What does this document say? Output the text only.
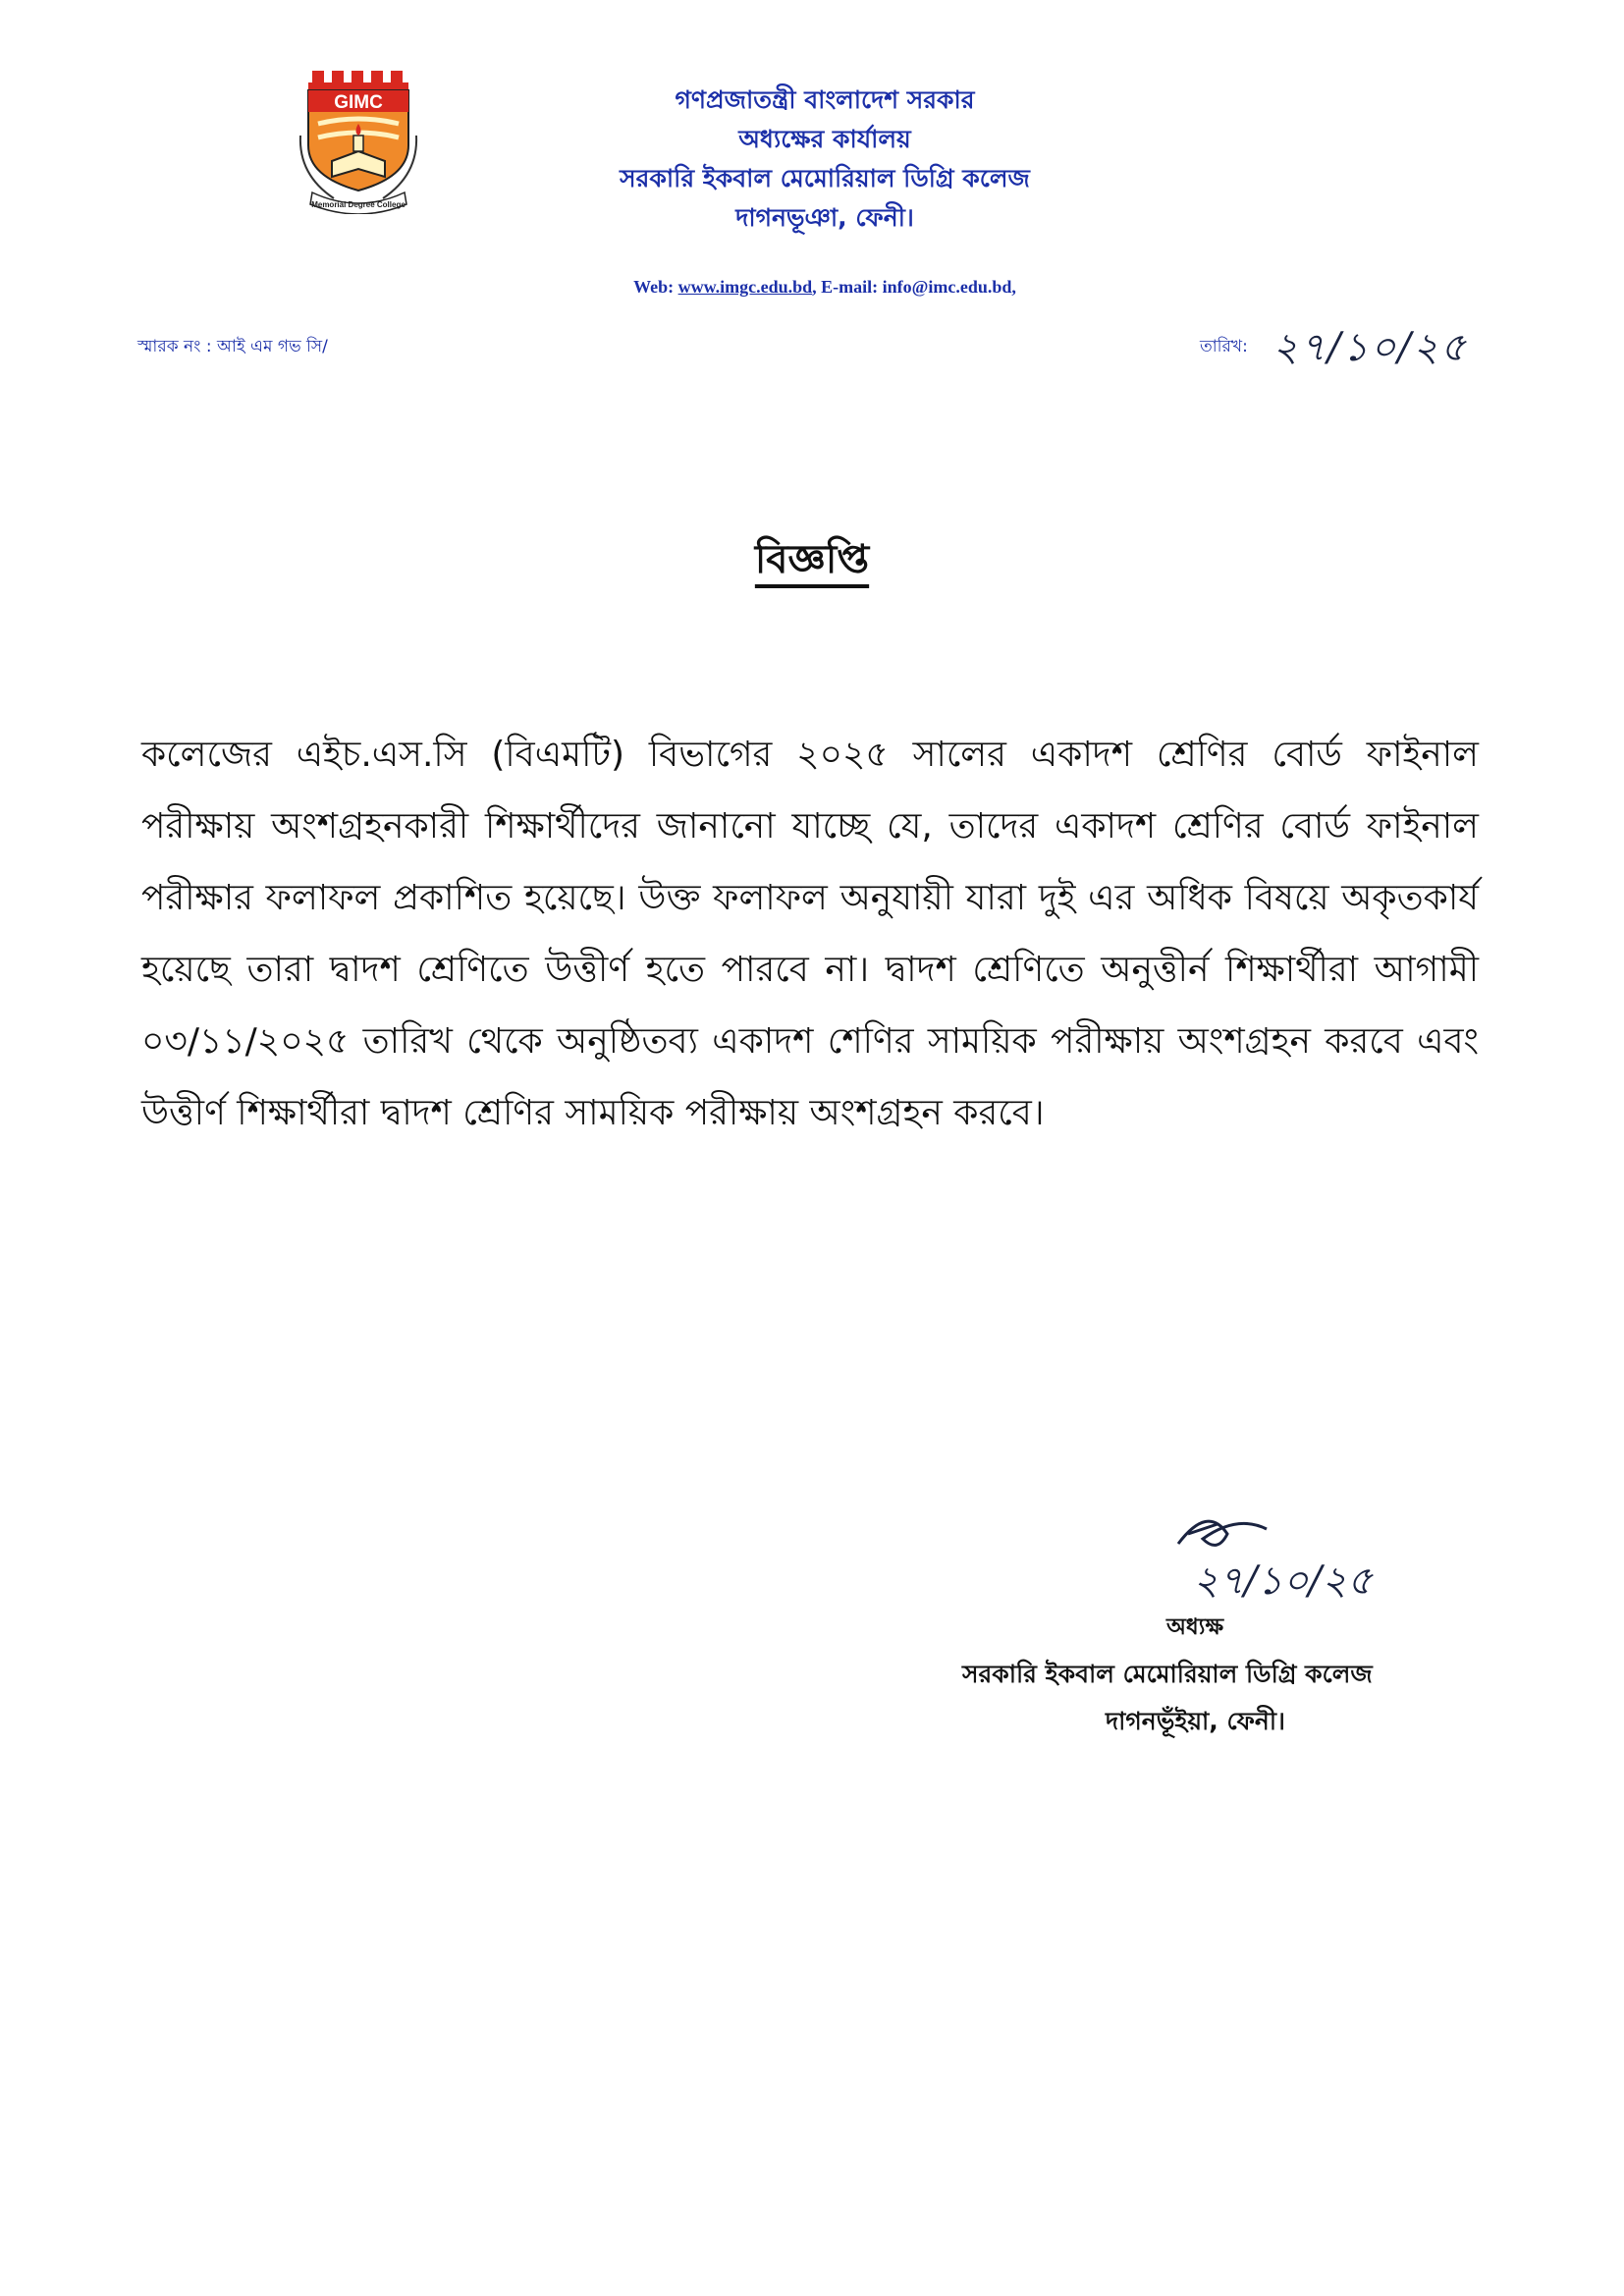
GIMC
Memorial Degree College
গণপ্রজাতন্ত্রী বাংলাদেশ সরকার
অধ্যক্ষের কার্যালয়
সরকারি ইকবাল মেমোরিয়াল ডিগ্রি কলেজ
দাগনভূঞা, ফেনী।
Web: www.imgc.edu.bd, E-mail: info@imc.edu.bd,
স্মারক নং : আই এম গভ সি/	তারিখ: ২৭/১০/২৫
বিজ্ঞপ্তি
কলেজের এইচ.এস.সি (বিএমটি) বিভাগের ২০২৫ সালের একাদশ শ্রেণির বোর্ড ফাইনাল পরীক্ষায় অংশগ্রহনকারী শিক্ষার্থীদের জানানো যাচ্ছে যে, তাদের একাদশ শ্রেণির বোর্ড ফাইনাল পরীক্ষার ফলাফল প্রকাশিত হয়েছে। উক্ত ফলাফল অনুযায়ী যারা দুই এর অধিক বিষয়ে অকৃতকার্য হয়েছে তারা দ্বাদশ শ্রেণিতে উত্তীর্ণ হতে পারবে না। দ্বাদশ শ্রেণিতে অনুত্তীর্ন শিক্ষার্থীরা আগামী ০৩/১১/২০২৫ তারিখ থেকে অনুষ্ঠিতব্য একাদশ শেণির সাময়িক পরীক্ষায় অংশগ্রহন করবে এবং উত্তীর্ণ শিক্ষার্থীরা দ্বাদশ শ্রেণির সাময়িক পরীক্ষায় অংশগ্রহন করবে।
২৭/১০/২৫
অধ্যক্ষ
সরকারি ইকবাল মেমোরিয়াল ডিগ্রি কলেজ
দাগনভূঁইয়া, ফেনী।
